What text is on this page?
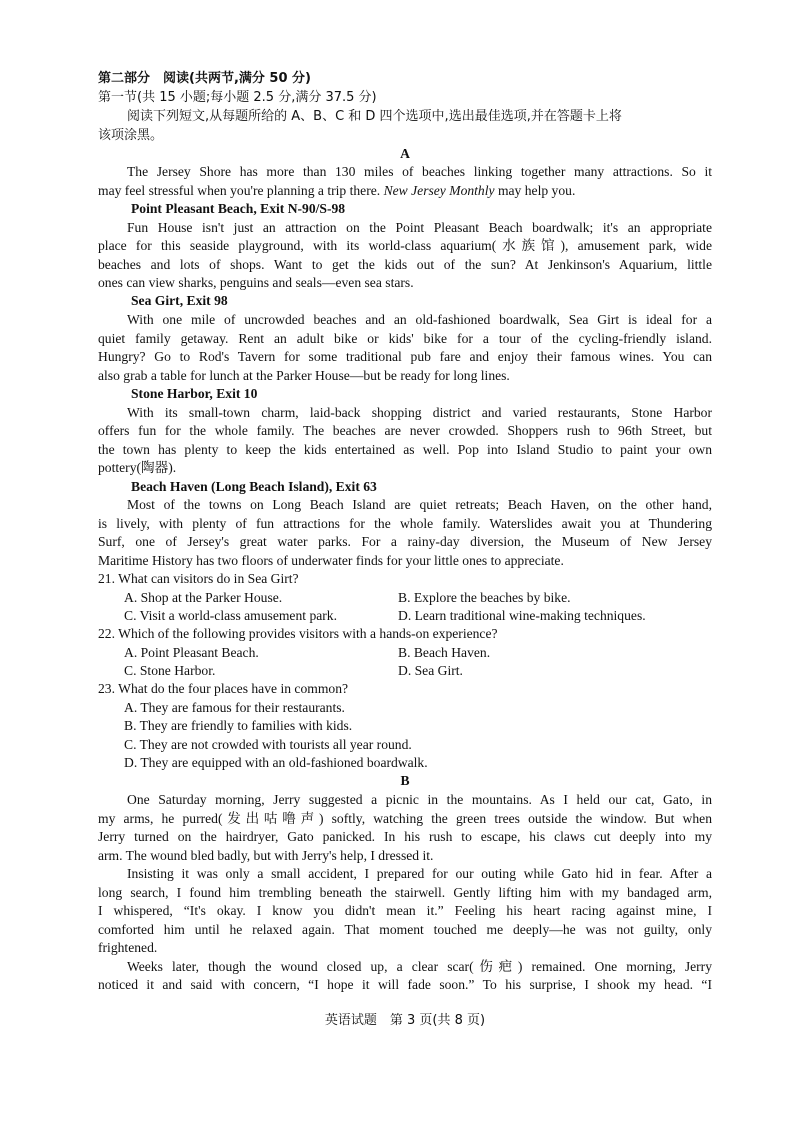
第二部分　阅读(共两节,满分 50 分)
第一节(共 15 小题;每小题 2.5 分,满分 37.5 分)
阅读下列短文,从每题所给的 A、B、C 和 D 四个选项中,选出最佳选项,并在答题卡上将
该项涂黑。
A
The Jersey Shore has more than 130 miles of beaches linking together many attractions. So it
may feel stressful when you're planning a trip there. New Jersey Monthly may help you.
Point Pleasant Beach, Exit N-90/S-98
Fun House isn't just an attraction on the Point Pleasant Beach boardwalk; it's an appropriate
place for this seaside playground, with its world-class aquarium(水族馆), amusement park, wide
beaches and lots of shops. Want to get the kids out of the sun? At Jenkinson's Aquarium, little
ones can view sharks, penguins and seals—even sea stars.
Sea Girt, Exit 98
With one mile of uncrowded beaches and an old-fashioned boardwalk, Sea Girt is ideal for a
quiet family getaway. Rent an adult bike or kids' bike for a tour of the cycling-friendly island.
Hungry? Go to Rod's Tavern for some traditional pub fare and enjoy their famous wines. You can
also grab a table for lunch at the Parker House—but be ready for long lines.
Stone Harbor, Exit 10
With its small-town charm, laid-back shopping district and varied restaurants, Stone Harbor
offers fun for the whole family. The beaches are never crowded. Shoppers rush to 96th Street, but
the town has plenty to keep the kids entertained as well. Pop into Island Studio to paint your own
pottery(陶器).
Beach Haven (Long Beach Island), Exit 63
Most of the towns on Long Beach Island are quiet retreats; Beach Haven, on the other hand,
is lively, with plenty of fun attractions for the whole family. Waterslides await you at Thundering
Surf, one of Jersey's great water parks. For a rainy-day diversion, the Museum of New Jersey
Maritime History has two floors of underwater finds for your little ones to appreciate.
21. What can visitors do in Sea Girt?
A. Shop at the Parker House.	B. Explore the beaches by bike.
C. Visit a world-class amusement park.	D. Learn traditional wine-making techniques.
22. Which of the following provides visitors with a hands-on experience?
A. Point Pleasant Beach.	B. Beach Haven.
C. Stone Harbor.	D. Sea Girt.
23. What do the four places have in common?
A. They are famous for their restaurants.
B. They are friendly to families with kids.
C. They are not crowded with tourists all year round.
D. They are equipped with an old-fashioned boardwalk.
B
One Saturday morning, Jerry suggested a picnic in the mountains. As I held our cat, Gato, in
my arms, he purred(发出咕噜声) softly, watching the green trees outside the window. But when
Jerry turned on the hairdryer, Gato panicked. In his rush to escape, his claws cut deeply into my
arm. The wound bled badly, but with Jerry's help, I dressed it.
Insisting it was only a small accident, I prepared for our outing while Gato hid in fear. After a
long search, I found him trembling beneath the stairwell. Gently lifting him with my bandaged arm,
I whispered, “It's okay. I know you didn't mean it.” Feeling his heart racing against mine, I
comforted him until he relaxed again. That moment touched me deeply—he was not guilty, only
frightened.
Weeks later, though the wound closed up, a clear scar(伤疤) remained. One morning, Jerry
noticed it and said with concern, “I hope it will fade soon.” To his surprise, I shook my head. “I
英语试题　第 3 页(共 8 页)
